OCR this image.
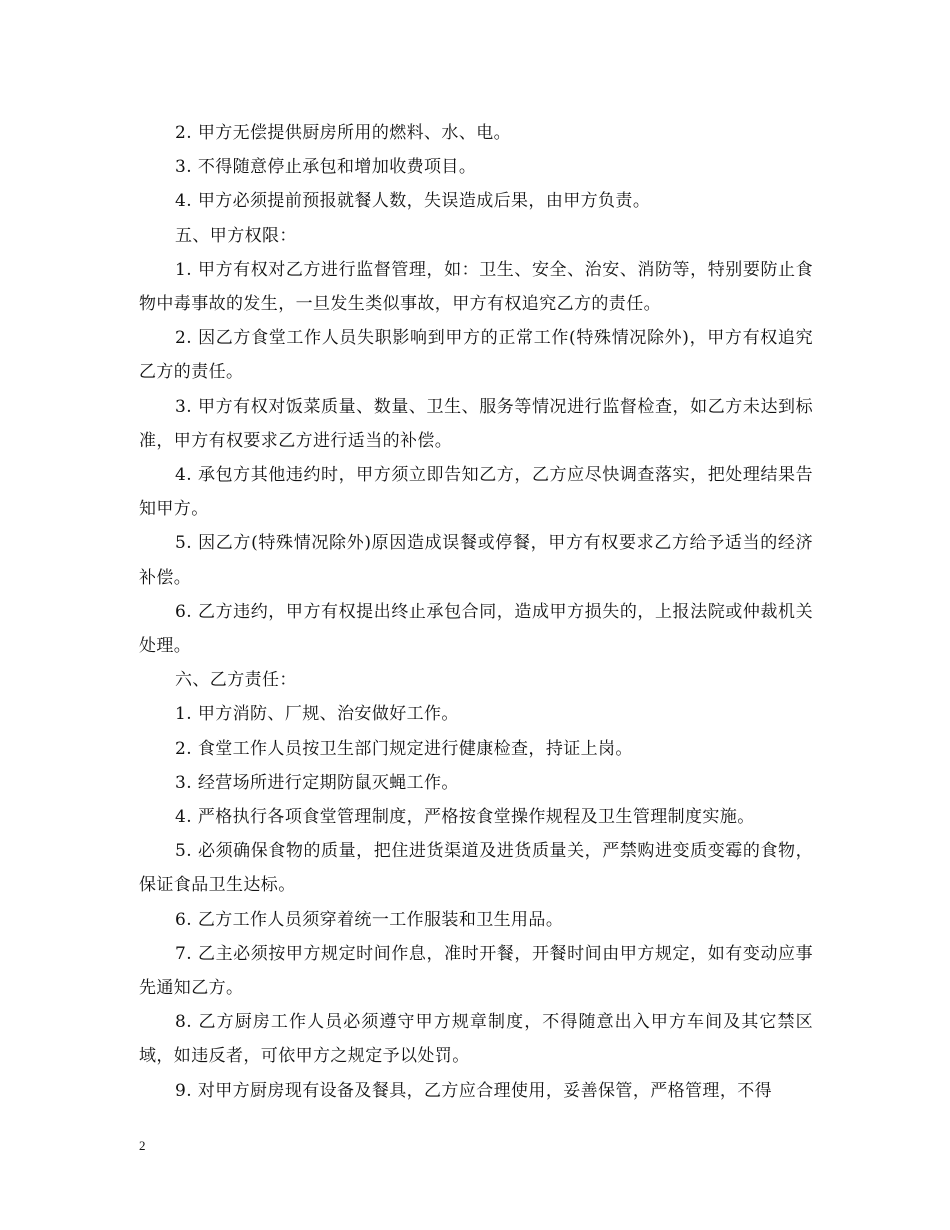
2. 甲方无偿提供厨房所用的燃料、水、电。

3. 不得随意停止承包和增加收费项目。

4. 甲方必须提前预报就餐人数，失误造成后果，由甲方负责。

五、甲方权限：

1. 甲方有权对乙方进行监督管理，如：卫生、安全、治安、消防等，特别要防止食物中毒事故的发生，一旦发生类似事故，甲方有权追究乙方的责任。

2. 因乙方食堂工作人员失职影响到甲方的正常工作(特殊情况除外)，甲方有权追究乙方的责任。

3. 甲方有权对饭菜质量、数量、卫生、服务等情况进行监督检查，如乙方未达到标准，甲方有权要求乙方进行适当的补偿。

4. 承包方其他违约时，甲方须立即告知乙方，乙方应尽快调查落实，把处理结果告知甲方。

5. 因乙方(特殊情况除外)原因造成误餐或停餐，甲方有权要求乙方给予适当的经济补偿。

6. 乙方违约，甲方有权提出终止承包合同，造成甲方损失的，上报法院或仲裁机关处理。

六、乙方责任：

1. 甲方消防、厂规、治安做好工作。

2. 食堂工作人员按卫生部门规定进行健康检查，持证上岗。

3. 经营场所进行定期防鼠灭蝇工作。

4. 严格执行各项食堂管理制度，严格按食堂操作规程及卫生管理制度实施。

5. 必须确保食物的质量，把住进货渠道及进货质量关，严禁购进变质变霉的食物，保证食品卫生达标。

6. 乙方工作人员须穿着统一工作服装和卫生用品。

7. 乙主必须按甲方规定时间作息，准时开餐，开餐时间由甲方规定，如有变动应事先通知乙方。

8. 乙方厨房工作人员必须遵守甲方规章制度，不得随意出入甲方车间及其它禁区域，如违反者，可依甲方之规定予以处罚。

9. 对甲方厨房现有设备及餐具，乙方应合理使用，妥善保管，严格管理，不得

2
